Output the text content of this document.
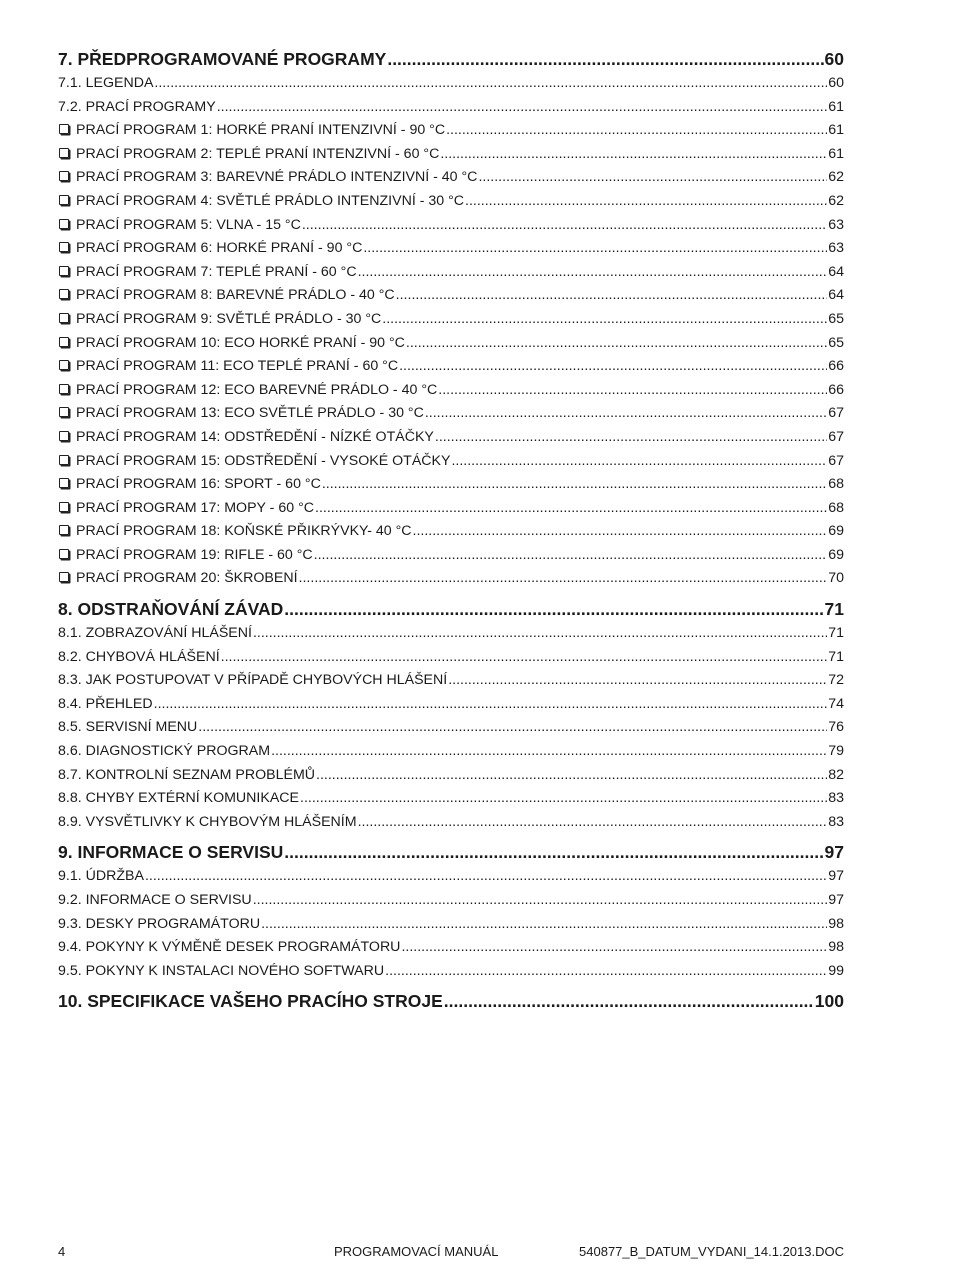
7. PŘEDPROGRAMOVANÉ PROGRAMY .....	60
7.1. LEGENDA .....	60
7.2. PRACÍ PROGRAMY .....	61
PRACÍ PROGRAM 1: HORKÉ PRANÍ INTENZIVNÍ - 90 °C .....	61
PRACÍ PROGRAM 2: TEPLÉ PRANÍ INTENZIVNÍ - 60 °C .....	61
PRACÍ PROGRAM 3: BAREVNÉ PRÁDLO INTENZIVNÍ - 40 °C .....	62
PRACÍ PROGRAM 4: SVĚTLÉ PRÁDLO INTENZIVNÍ - 30 °C .....	62
PRACÍ PROGRAM 5: VLNA - 15 °C .....	63
PRACÍ PROGRAM 6: HORKÉ PRANÍ - 90 °C .....	63
PRACÍ PROGRAM 7: TEPLÉ PRANÍ - 60 °C .....	64
PRACÍ PROGRAM 8: BAREVNÉ PRÁDLO - 40 °C .....	64
PRACÍ PROGRAM 9: SVĚTLÉ PRÁDLO - 30 °C .....	65
PRACÍ PROGRAM 10: ECO HORKÉ PRANÍ - 90 °C .....	65
PRACÍ PROGRAM 11: ECO TEPLÉ PRANÍ - 60 °C .....	66
PRACÍ PROGRAM 12: ECO BAREVNÉ PRÁDLO - 40 °C .....	66
PRACÍ PROGRAM 13: ECO SVĚTLÉ PRÁDLO - 30 °C .....	67
PRACÍ PROGRAM 14: ODSTŘEDĚNÍ - NÍZKÉ OTÁČKY .....	67
PRACÍ PROGRAM 15: ODSTŘEDĚNÍ - VYSOKÉ OTÁČKY .....	67
PRACÍ PROGRAM 16: SPORT - 60 °C .....	68
PRACÍ PROGRAM 17: MOPY - 60 °C .....	68
PRACÍ PROGRAM 18: KOŇSKÉ PŘIKRÝVKY- 40 °C .....	69
PRACÍ PROGRAM 19: RIFLE - 60 °C .....	69
PRACÍ PROGRAM 20: ŠKROBENÍ .....	70
8. ODSTRAŇOVÁNÍ ZÁVAD .....	71
8.1. ZOBRAZOVÁNÍ HLÁŠENÍ .....	71
8.2. CHYBOVÁ HLÁŠENÍ .....	71
8.3. JAK POSTUPOVAT V PŘÍPADĚ CHYBOVÝCH HLÁŠENÍ .....	72
8.4. PŘEHLED .....	74
8.5. SERVISNÍ MENU .....	76
8.6. DIAGNOSTICKÝ PROGRAM .....	79
8.7. KONTROLNÍ SEZNAM PROBLÉMŮ .....	82
8.8. CHYBY EXTÉRNÍ KOMUNIKACE .....	83
8.9. VYSVĚTLIVKY K CHYBOVÝM HLÁŠENÍM .....	83
9. INFORMACE O SERVISU .....	97
9.1. ÚDRŽBA .....	97
9.2. INFORMACE O SERVISU .....	97
9.3. DESKY PROGRAMÁTORU .....	98
9.4. POKYNY K VÝMĚNĚ DESEK PROGRAMÁTORU .....	98
9.5. POKYNY K INSTALACI NOVÉHO SOFTWARU .....	99
10. SPECIFIKACE VAŠEHO PRACÍHO STROJE .....	100
4	PROGRAMOVACÍ MANUÁL	540877_B_DATUM_VYDANI_14.1.2013.DOC
